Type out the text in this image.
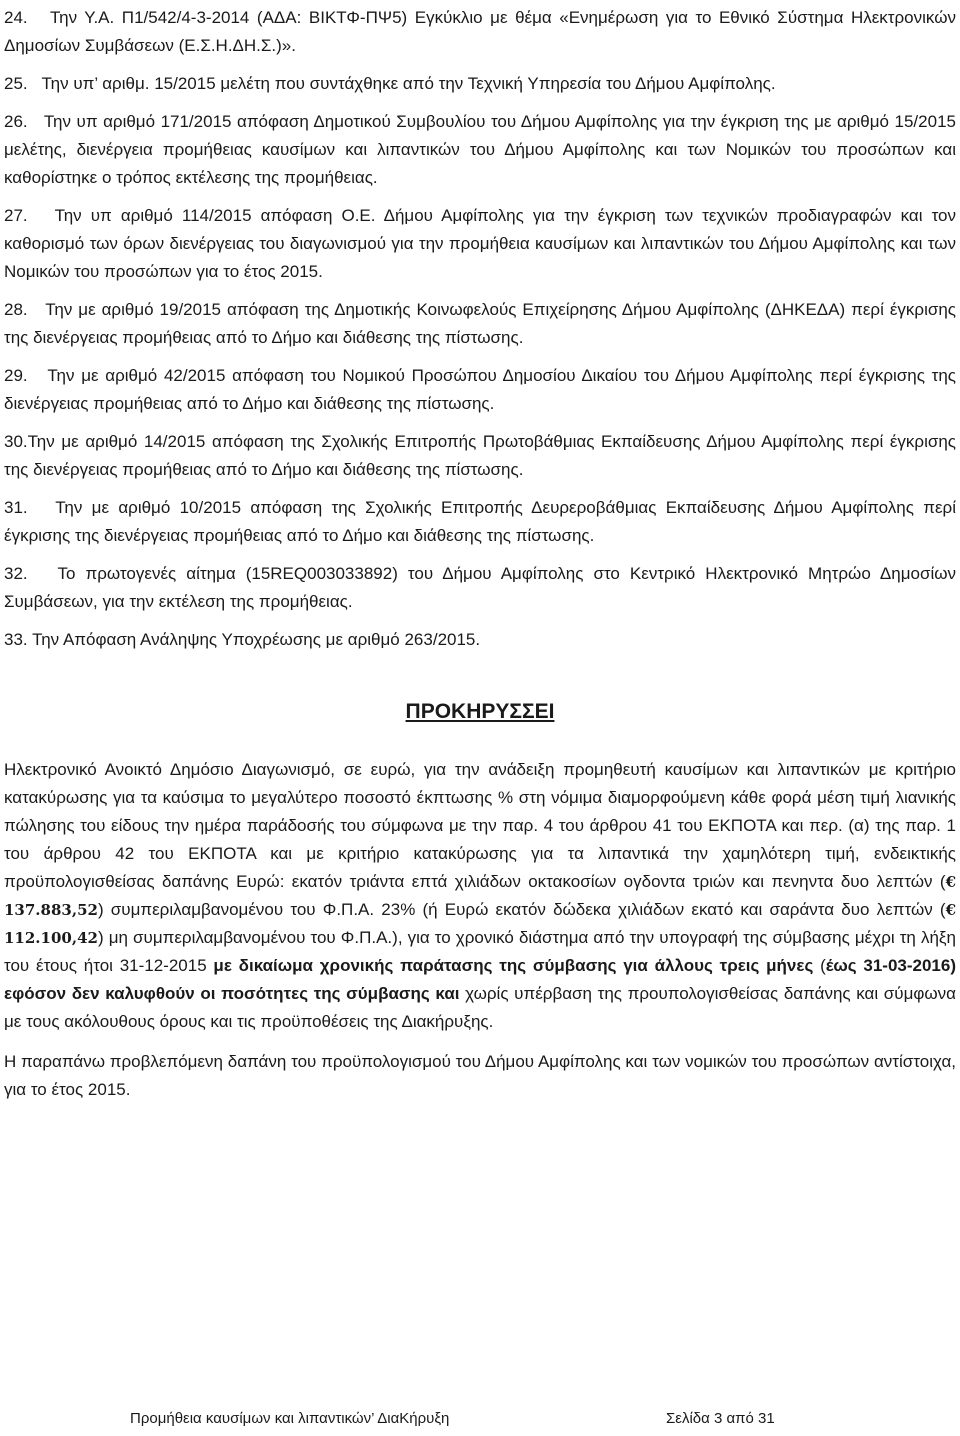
24. Την Υ.Α. Π1/542/4-3-2014 (ΑΔΑ: ΒΙΚΤΦ-ΠΨ5) Εγκύκλιο με θέμα «Ενημέρωση για το Εθνικό Σύστημα Ηλεκτρονικών Δημοσίων Συμβάσεων (Ε.Σ.Η.ΔΗ.Σ.)».

25. Την υπ’ αριθμ. 15/2015 μελέτη που συντάχθηκε από την Τεχνική Υπηρεσία του Δήμου Αμφίπολης.

26. Την υπ αριθμό 171/2015 απόφαση Δημοτικού Συμβουλίου του Δήμου Αμφίπολης για την έγκριση της με αριθμό 15/2015 μελέτης, διενέργεια προμήθειας καυσίμων και λιπαντικών του Δήμου Αμφίπολης και των Νομικών του προσώπων και καθορίστηκε ο τρόπος εκτέλεσης της προμήθειας.

27. Την υπ αριθμό 114/2015 απόφαση Ο.Ε. Δήμου Αμφίπολης για την έγκριση των τεχνικών προδιαγραφών και τον καθορισμό των όρων διενέργειας του διαγωνισμού για την προμήθεια καυσίμων και λιπαντικών του Δήμου Αμφίπολης και των Νομικών του προσώπων για το έτος 2015.

28. Την με αριθμό 19/2015 απόφαση της Δημοτικής Κοινωφελούς Επιχείρησης Δήμου Αμφίπολης (ΔΗΚΕΔΑ) περί έγκρισης της διενέργειας προμήθειας από το Δήμο και διάθεσης της πίστωσης.

29. Την με αριθμό 42/2015 απόφαση του Νομικού Προσώπου Δημοσίου Δικαίου του Δήμου Αμφίπολης περί έγκρισης της διενέργειας προμήθειας από το Δήμο και διάθεσης της πίστωσης.

30.Την με αριθμό 14/2015 απόφαση της Σχολικής Επιτροπής Πρωτοβάθμιας Εκπαίδευσης Δήμου Αμφίπολης περί έγκρισης της διενέργειας προμήθειας από το Δήμο και διάθεσης της πίστωσης.

31. Την με αριθμό 10/2015 απόφαση της Σχολικής Επιτροπής Δευρεροβάθμιας Εκπαίδευσης Δήμου Αμφίπολης περί έγκρισης της διενέργειας προμήθειας από το Δήμο και διάθεσης της πίστωσης.

32. Το πρωτογενές αίτημα (15REQ003033892) του Δήμου Αμφίπολης στο Κεντρικό Ηλεκτρονικό Μητρώο Δημοσίων Συμβάσεων, για την εκτέλεση της προμήθειας.

33. Την Απόφαση Ανάληψης Υποχρέωσης με αριθμό 263/2015.

ΠΡΟΚΗΡΥΣΣΕΙ

Ηλεκτρονικό Ανοικτό Δημόσιο Διαγωνισμό, σε ευρώ, για την ανάδειξη προμηθευτή καυσίμων και λιπαντικών με κριτήριο κατακύρωσης για τα καύσιμα το μεγαλύτερο ποσοστό έκπτωσης % στη νόμιμα διαμορφούμενη κάθε φορά μέση τιμή λιανικής πώλησης του είδους την ημέρα παράδοσής του σύμφωνα με την παρ. 4 του άρθρου 41 του ΕΚΠΟΤΑ και περ. (α) της παρ. 1 του άρθρου 42 του ΕΚΠΟΤΑ και με κριτήριο κατακύρωσης για τα λιπαντικά την χαμηλότερη τιμή, ενδεικτικής προϋπολογισθείσας δαπάνης Ευρώ: εκατόν τριάντα επτά χιλιάδων οκτακοσίων ογδοντα τριών και πενηντα δυο λεπτών (€ 137.883,52) συμπεριλαμβανομένου του Φ.Π.Α. 23% (ή Ευρώ εκατόν δώδεκα χιλιάδων εκατό και σαράντα δυο λεπτών (€ 112.100,42) μη συμπεριλαμβανομένου του Φ.Π.Α.), για το χρονικό διάστημα από την υπογραφή της σύμβασης μέχρι τη λήξη του έτους ήτοι 31-12-2015 με δικαίωμα χρονικής παράτασης της σύμβασης για άλλους τρεις μήνες (έως 31-03-2016) εφόσον δεν καλυφθούν οι ποσότητες της σύμβασης και χωρίς υπέρβαση της προυπολογισθείσας δαπάνης και σύμφωνα με τους ακόλουθους όρους και τις προϋποθέσεις της Διακήρυξης.

Η παραπάνω προβλεπόμενη δαπάνη του προϋπολογισμού του Δήμου Αμφίπολης και των νομικών του προσώπων αντίστοιχα, για το έτος 2015.

Προμήθεια καυσίμων και λιπαντικών’ ΔιαΚήρυξη	Σελίδα 3 από 31
